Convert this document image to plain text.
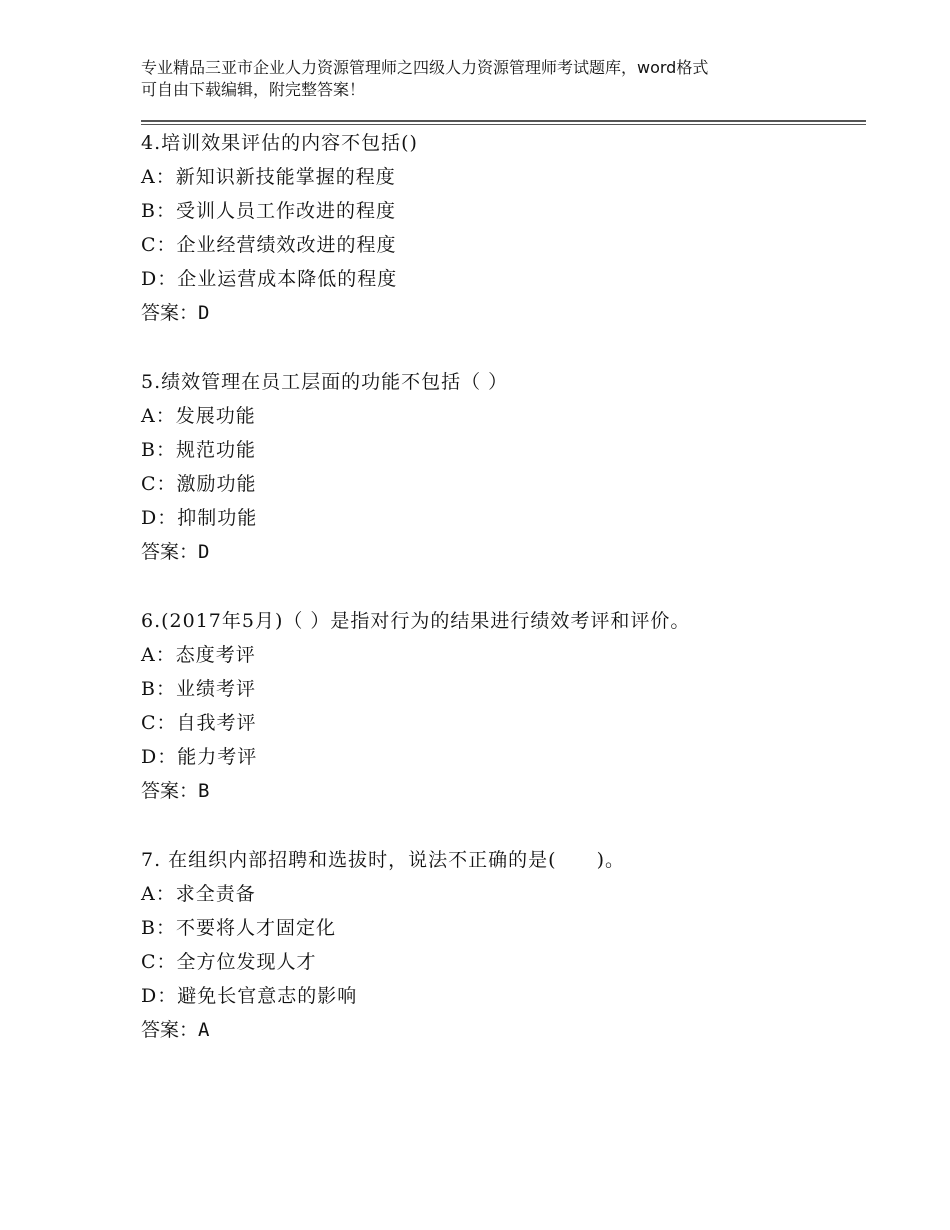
专业精品三亚市企业人力资源管理师之四级人力资源管理师考试题库，word格式
可自由下载编辑，附完整答案！
4.培训效果评估的内容不包括()
A：新知识新技能掌握的程度
B：受训人员工作改进的程度
C：企业经营绩效改进的程度
D：企业运营成本降低的程度
答案：D
5.绩效管理在员工层面的功能不包括（ ）
A：发展功能
B：规范功能
C：激励功能
D：抑制功能
答案：D
6.(2017年5月)（ ）是指对行为的结果进行绩效考评和评价。
A：态度考评
B：业绩考评
C：自我考评
D：能力考评
答案：B
7. 在组织内部招聘和选拔时，说法不正确的是(　　)。
A：求全责备
B：不要将人才固定化
C：全方位发现人才
D：避免长官意志的影响
答案：A
